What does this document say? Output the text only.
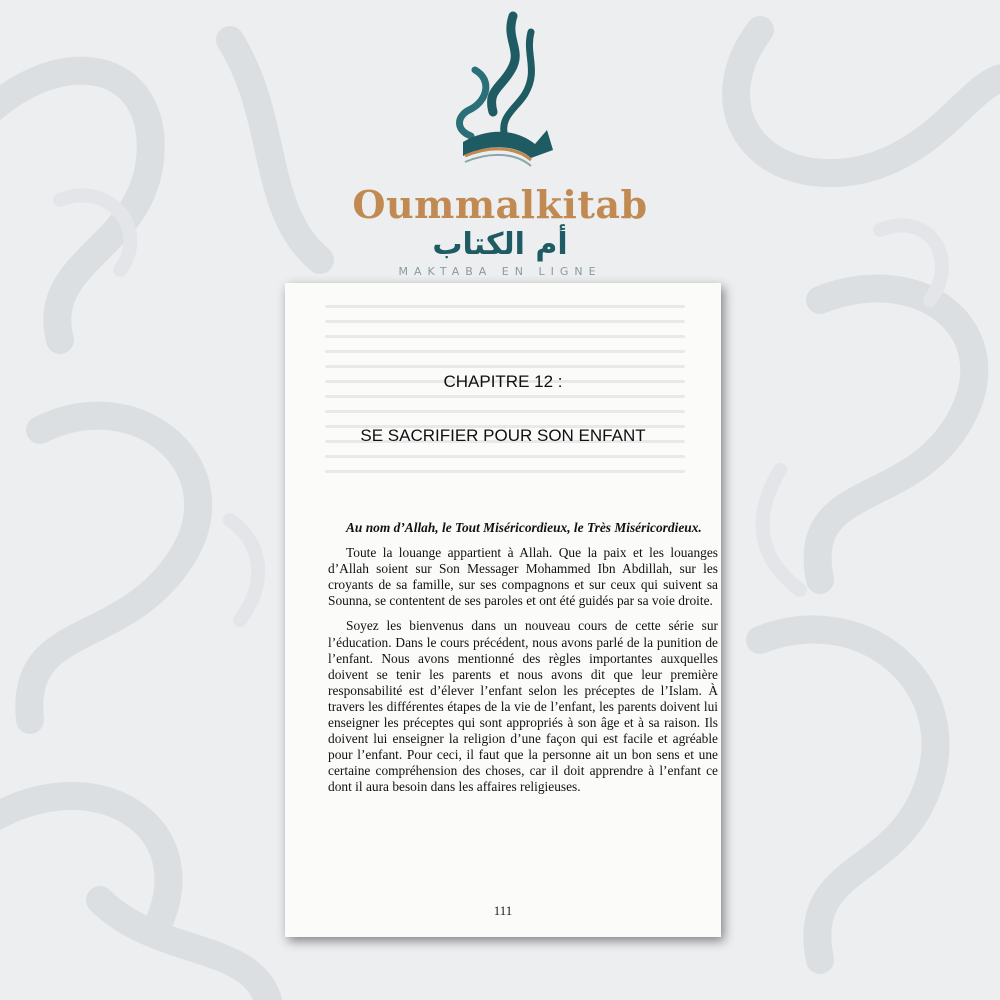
Oummalkitab
أم الكتاب
MAKTABA EN LIGNE
CHAPITRE 12 :
SE SACRIFIER POUR SON ENFANT

Au nom d’Allah, le Tout Miséricordieux, le Très Miséricordieux.

Toute la louange appartient à Allah. Que la paix et les louanges d’Allah soient sur Son Messager Mohammed Ibn Abdillah, sur les croyants de sa famille, sur ses compagnons et sur ceux qui suivent sa Sounna, se contentent de ses paroles et ont été guidés par sa voie droite.

Soyez les bienvenus dans un nouveau cours de cette série sur l’éducation. Dans le cours précédent, nous avons parlé de la punition de l’enfant. Nous avons mentionné des règles importantes auxquelles doivent se tenir les parents et nous avons dit que leur première responsabilité est d’élever l’enfant selon les préceptes de l’Islam. À travers les différentes étapes de la vie de l’enfant, les parents doivent lui enseigner les préceptes qui sont appropriés à son âge et à sa raison. Ils doivent lui enseigner la religion d’une façon qui est facile et agréable pour l’enfant. Pour ceci, il faut que la personne ait un bon sens et une certaine compréhension des choses, car il doit apprendre à l’enfant ce dont il aura besoin dans les affaires religieuses.

111
